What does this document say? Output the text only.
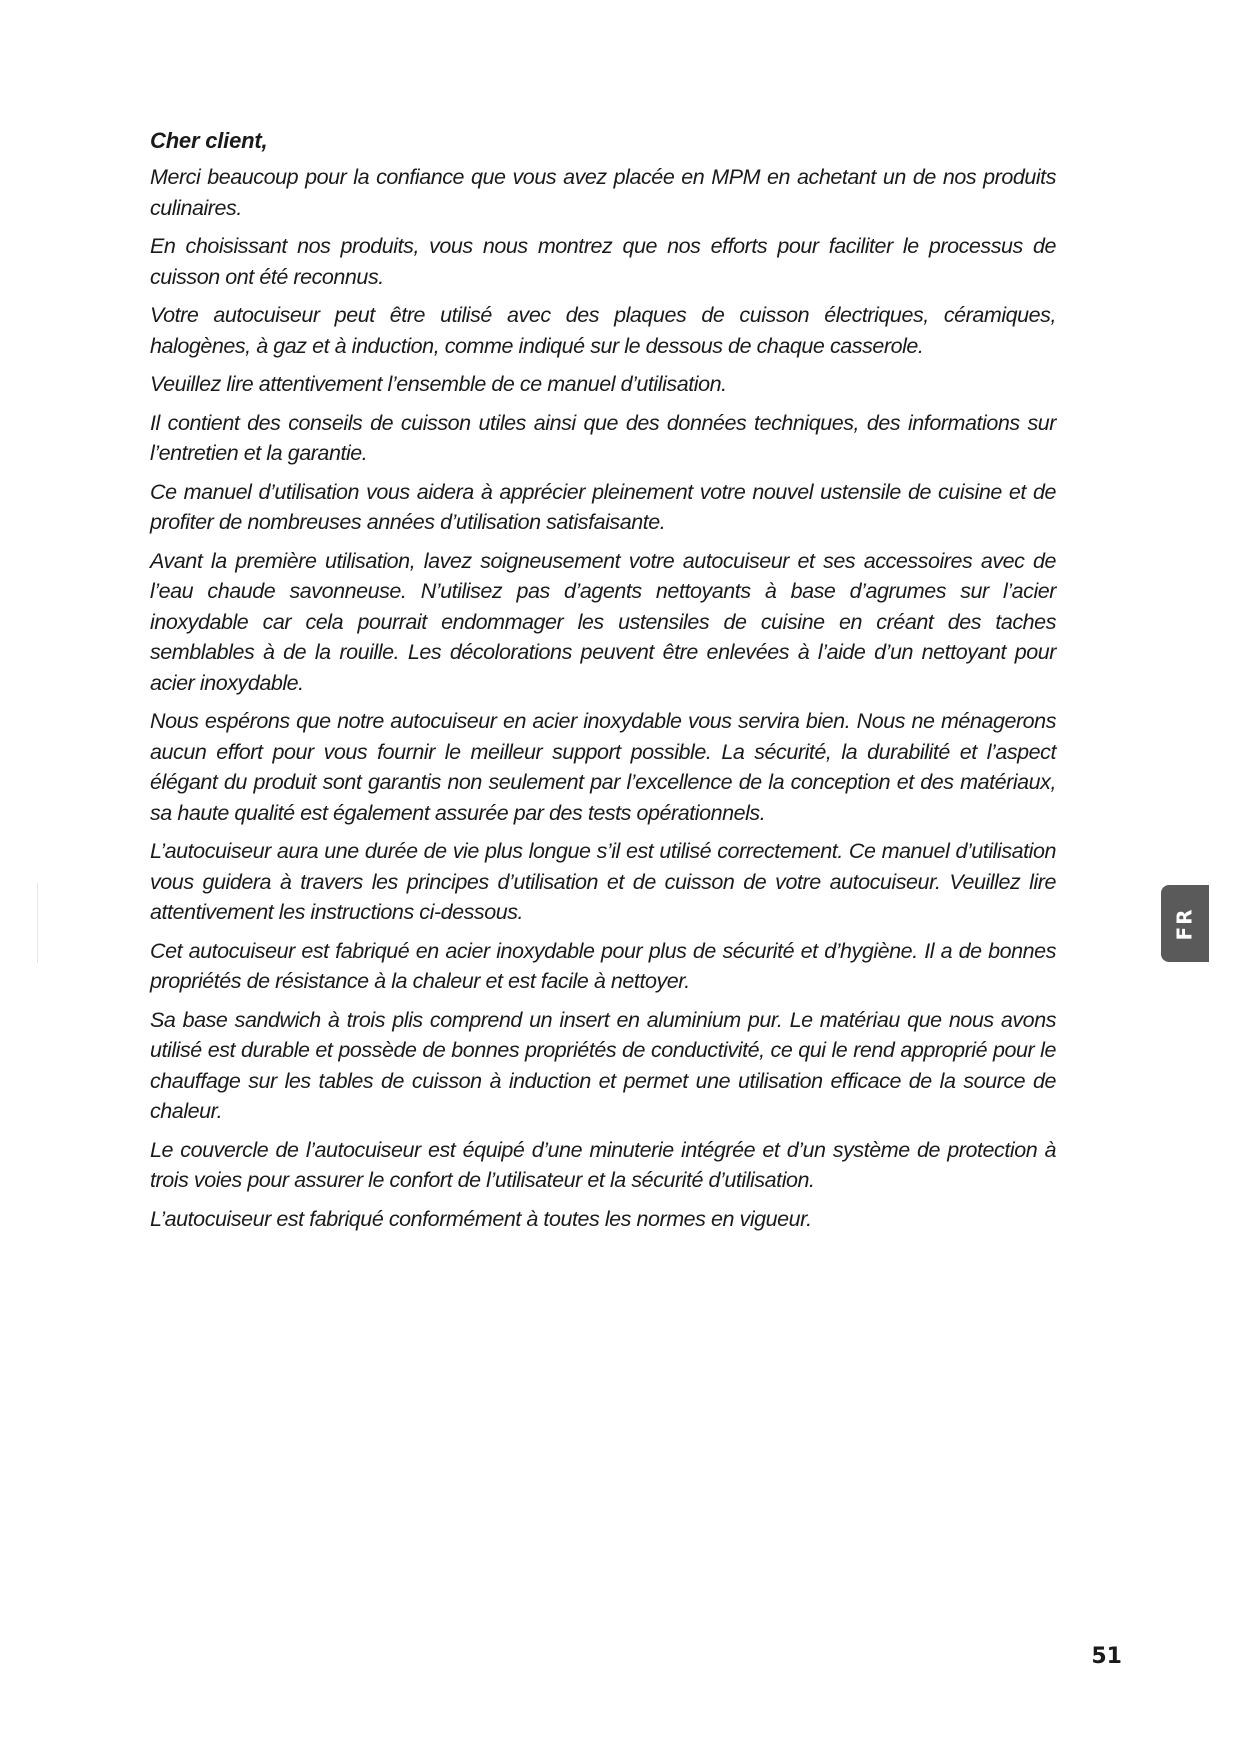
Cher client,

Merci beaucoup pour la confiance que vous avez placée en MPM en achetant un de nos produits culinaires.

En choisissant nos produits, vous nous montrez que nos efforts pour faciliter le processus de cuisson ont été reconnus.

Votre autocuiseur peut être utilisé avec des plaques de cuisson électriques, céramiques, halogènes, à gaz et à induction, comme indiqué sur le dessous de chaque casserole.

Veuillez lire attentivement l’ensemble de ce manuel d’utilisation.

Il contient des conseils de cuisson utiles ainsi que des données techniques, des informations sur l’entretien et la garantie.

Ce manuel d’utilisation vous aidera à apprécier pleinement votre nouvel ustensile de cuisine et de profiter de nombreuses années d’utilisation satisfaisante.

Avant la première utilisation, lavez soigneusement votre autocuiseur et ses accessoires avec de l’eau chaude savonneuse. N’utilisez pas d’agents nettoyants à base d’agrumes sur l’acier inoxydable car cela pourrait endommager les ustensiles de cuisine en créant des taches semblables à de la rouille. Les décolorations peuvent être enlevées à l’aide d’un nettoyant pour acier inoxydable.

Nous espérons que notre autocuiseur en acier inoxydable vous servira bien. Nous ne ménagerons aucun effort pour vous fournir le meilleur support possible. La sécurité, la durabilité et l’aspect élégant du produit sont garantis non seulement par l’excellence de la conception et des matériaux, sa haute qualité est également assurée par des tests opérationnels.

L’autocuiseur aura une durée de vie plus longue s’il est utilisé correctement. Ce manuel d’utilisation vous guidera à travers les principes d’utilisation et de cuisson de votre autocuiseur. Veuillez lire attentivement les instructions ci-dessous.

Cet autocuiseur est fabriqué en acier inoxydable pour plus de sécurité et d’hygiène. Il a de bonnes propriétés de résistance à la chaleur et est facile à nettoyer.

Sa base sandwich à trois plis comprend un insert en aluminium pur. Le matériau que nous avons utilisé est durable et possède de bonnes propriétés de conductivité, ce qui le rend approprié pour le chauffage sur les tables de cuisson à induction et permet une utilisation efficace de la source de chaleur.

Le couvercle de l’autocuiseur est équipé d’une minuterie intégrée et d’un système de protection à trois voies pour assurer le confort de l’utilisateur et la sécurité d’utilisation.

L’autocuiseur est fabriqué conformément à toutes les normes en vigueur.

FR
51
